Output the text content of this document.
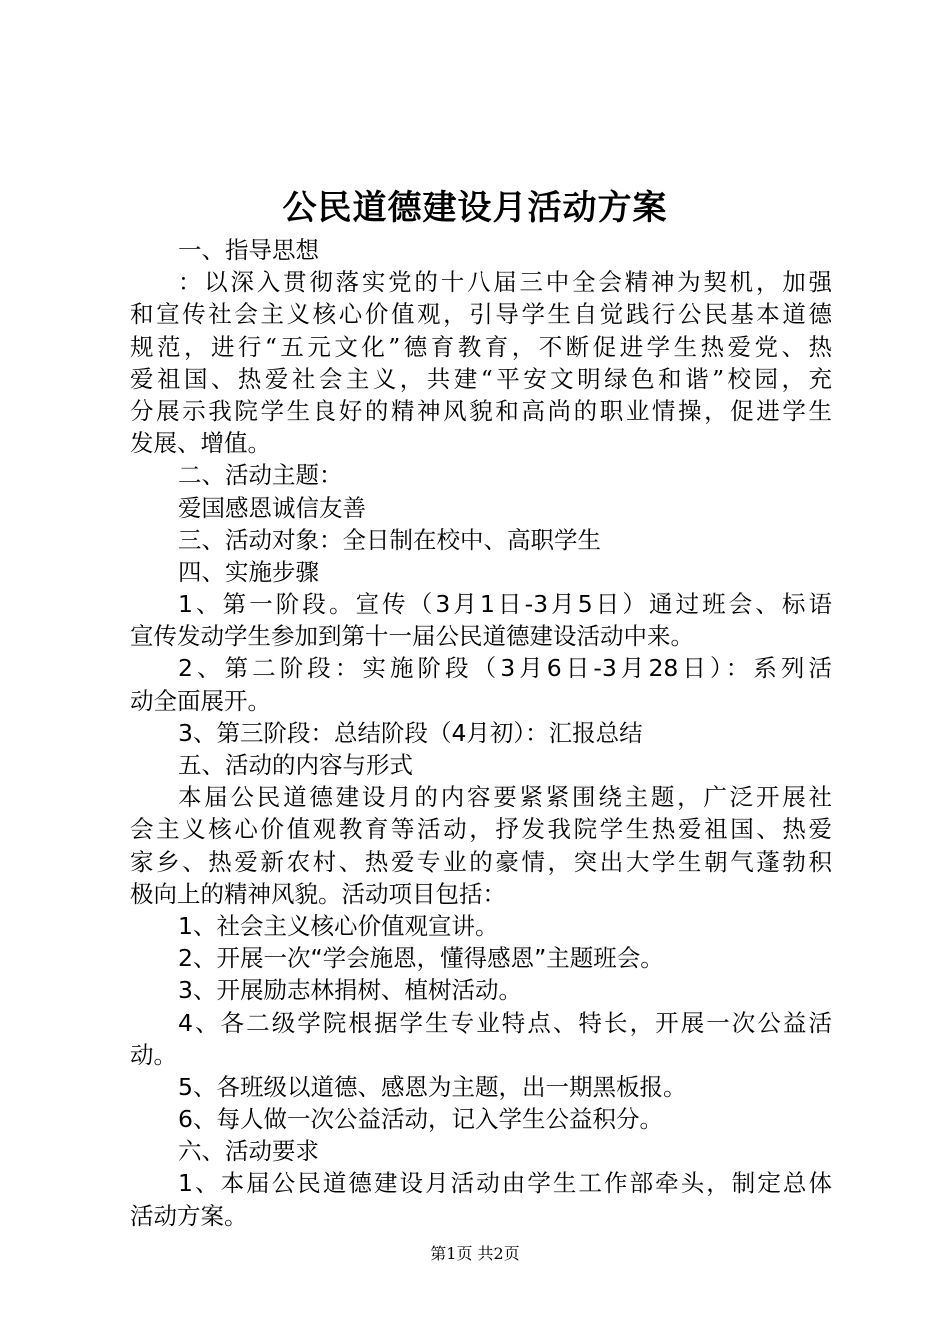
公民道德建设月活动方案
一、指导思想
：以深入贯彻落实党的十八届三中全会精神为契机，加强
和宣传社会主义核心价值观，引导学生自觉践行公民基本道德
规范，进行“五元文化”德育教育，不断促进学生热爱党、热
爱祖国、热爱社会主义，共建“平安文明绿色和谐”校园，充
分展示我院学生良好的精神风貌和高尚的职业情操，促进学生
发展、增值。
二、活动主题：
爱国感恩诚信友善
三、活动对象：全日制在校中、高职学生
四、实施步骤
1、第一阶段。宣传（3月1日-3月5日）通过班会、标语
宣传发动学生参加到第十一届公民道德建设活动中来。
2、第二阶段：实施阶段（3月6日-3月28日）：系列活
动全面展开。
3、第三阶段：总结阶段（4月初）：汇报总结
五、活动的内容与形式
本届公民道德建设月的内容要紧紧围绕主题，广泛开展社
会主义核心价值观教育等活动，抒发我院学生热爱祖国、热爱
家乡、热爱新农村、热爱专业的豪情，突出大学生朝气蓬勃积
极向上的精神风貌。活动项目包括：
1、社会主义核心价值观宣讲。
2、开展一次“学会施恩，懂得感恩”主题班会。
3、开展励志林捐树、植树活动。
4、各二级学院根据学生专业特点、特长，开展一次公益活
动。
5、各班级以道德、感恩为主题，出一期黑板报。
6、每人做一次公益活动，记入学生公益积分。
六、活动要求
1、本届公民道德建设月活动由学生工作部牵头，制定总体
活动方案。
第1页 共2页
